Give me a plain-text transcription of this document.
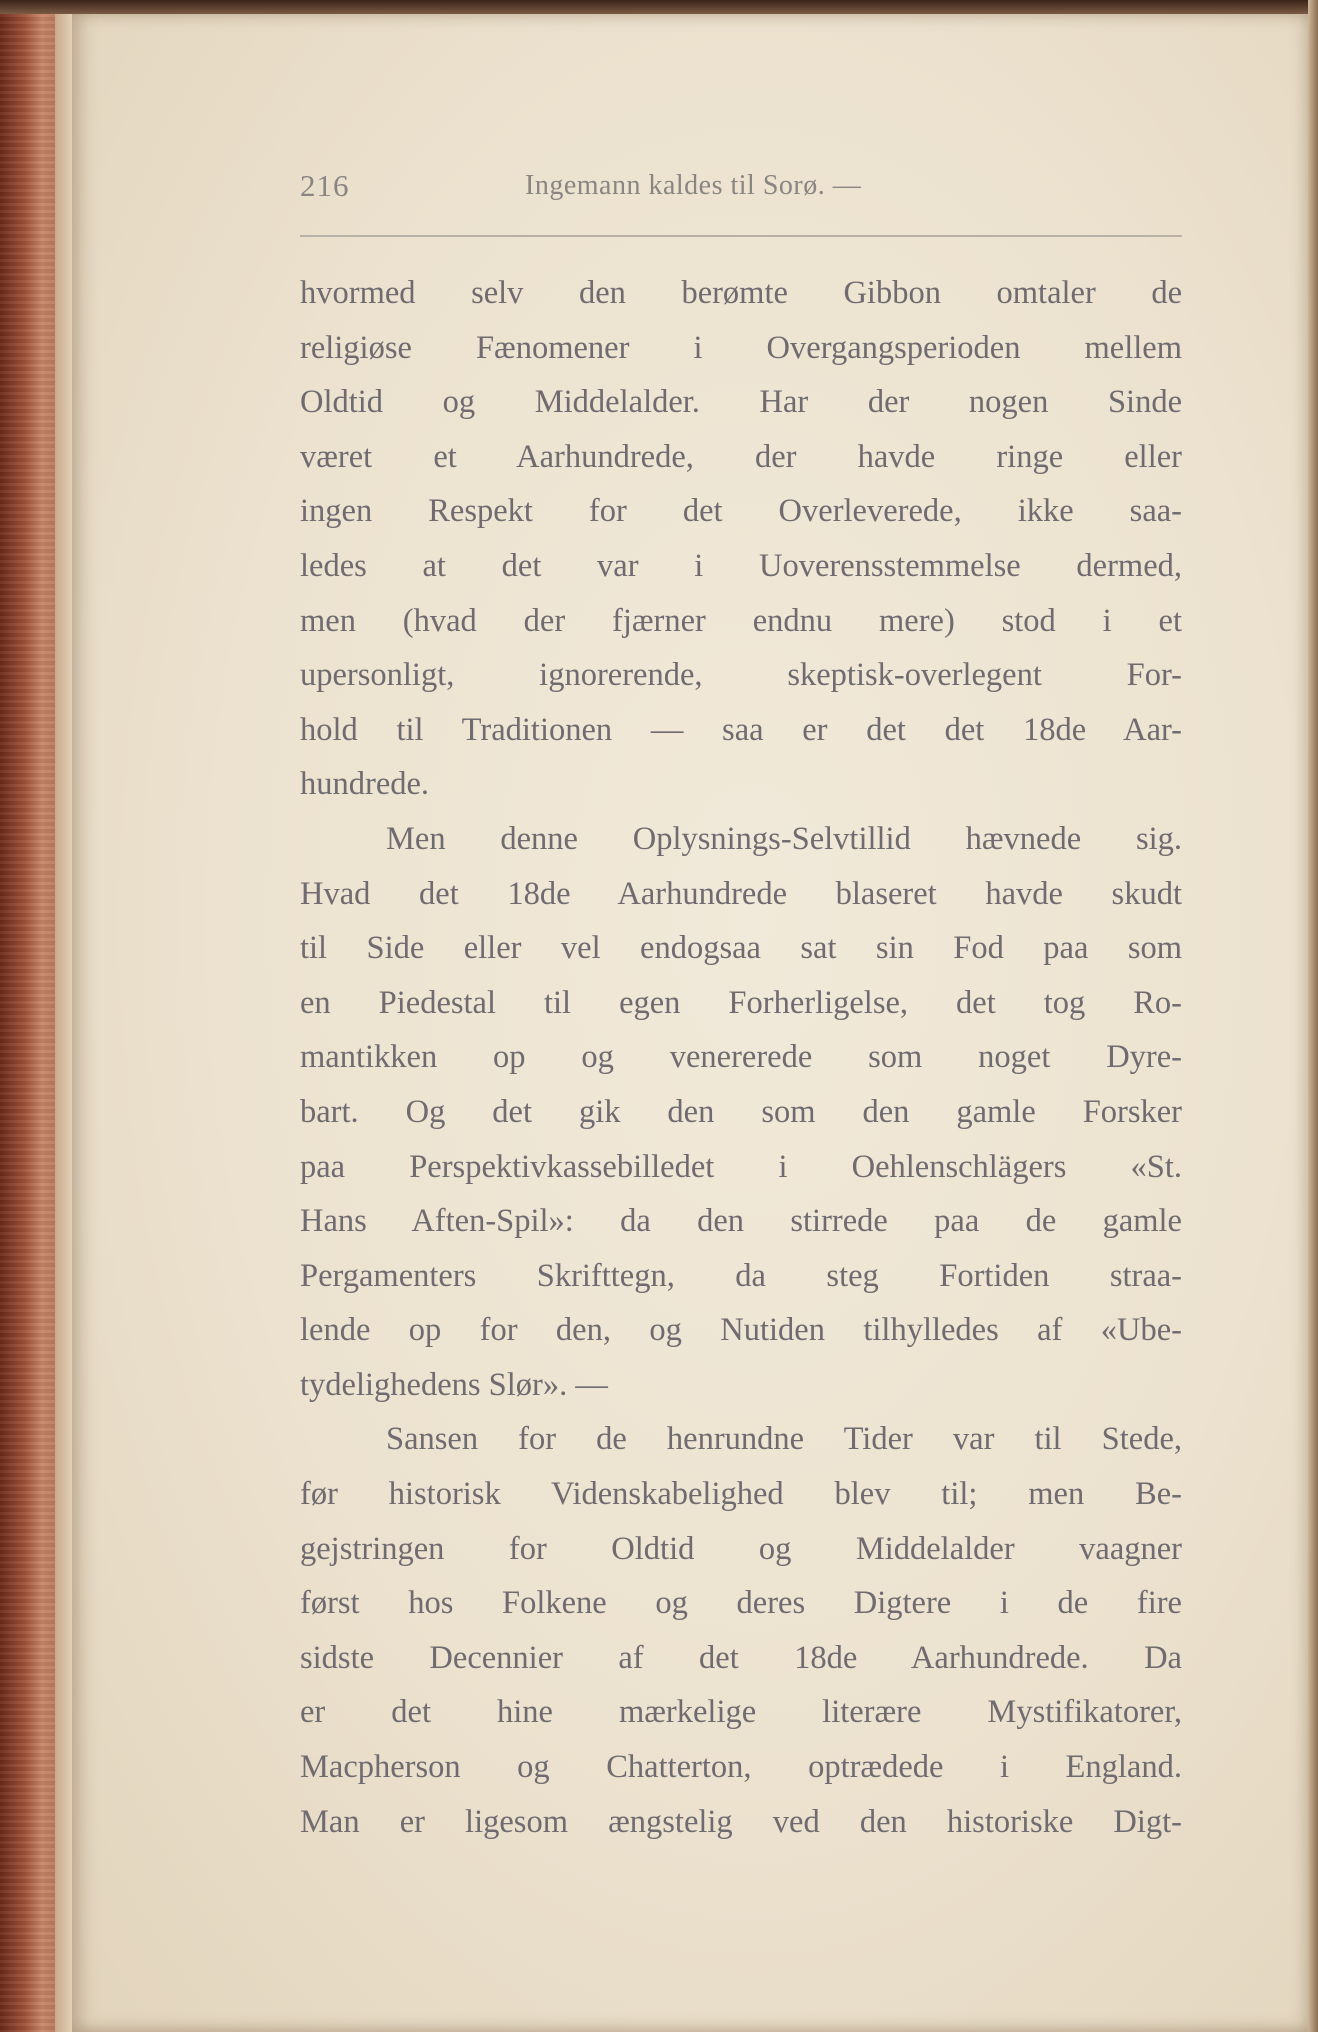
216	Ingemann kaldes til Sorø. —
hvormed selv den berømte Gibbon omtaler de
religiøse Fænomener i Overgangsperioden mellem
Oldtid og Middelalder. Har der nogen Sinde
været et Aarhundrede, der havde ringe eller
ingen Respekt for det Overleverede, ikke saa-
ledes at det var i Uoverensstemmelse dermed,
men (hvad der fjærner endnu mere) stod i et
upersonligt, ignorerende, skeptisk-overlegent For-
hold til Traditionen — saa er det det 18de Aar-
hundrede.
Men denne Oplysnings-Selvtillid hævnede sig.
Hvad det 18de Aarhundrede blaseret havde skudt
til Side eller vel endogsaa sat sin Fod paa som
en Piedestal til egen Forherligelse, det tog Ro-
mantikken op og venererede som noget Dyre-
bart. Og det gik den som den gamle Forsker
paa Perspektivkassebilledet i Oehlenschlägers «St.
Hans Aften-Spil»: da den stirrede paa de gamle
Pergamenters Skrifttegn, da steg Fortiden straa-
lende op for den, og Nutiden tilhylledes af «Ube-
tydelighedens Slør». —
Sansen for de henrundne Tider var til Stede,
før historisk Videnskabelighed blev til; men Be-
gejstringen for Oldtid og Middelalder vaagner
først hos Folkene og deres Digtere i de fire
sidste Decennier af det 18de Aarhundrede. Da
er det hine mærkelige literære Mystifikatorer,
Macpherson og Chatterton, optrædede i England.
Man er ligesom ængstelig ved den historiske Digt-
